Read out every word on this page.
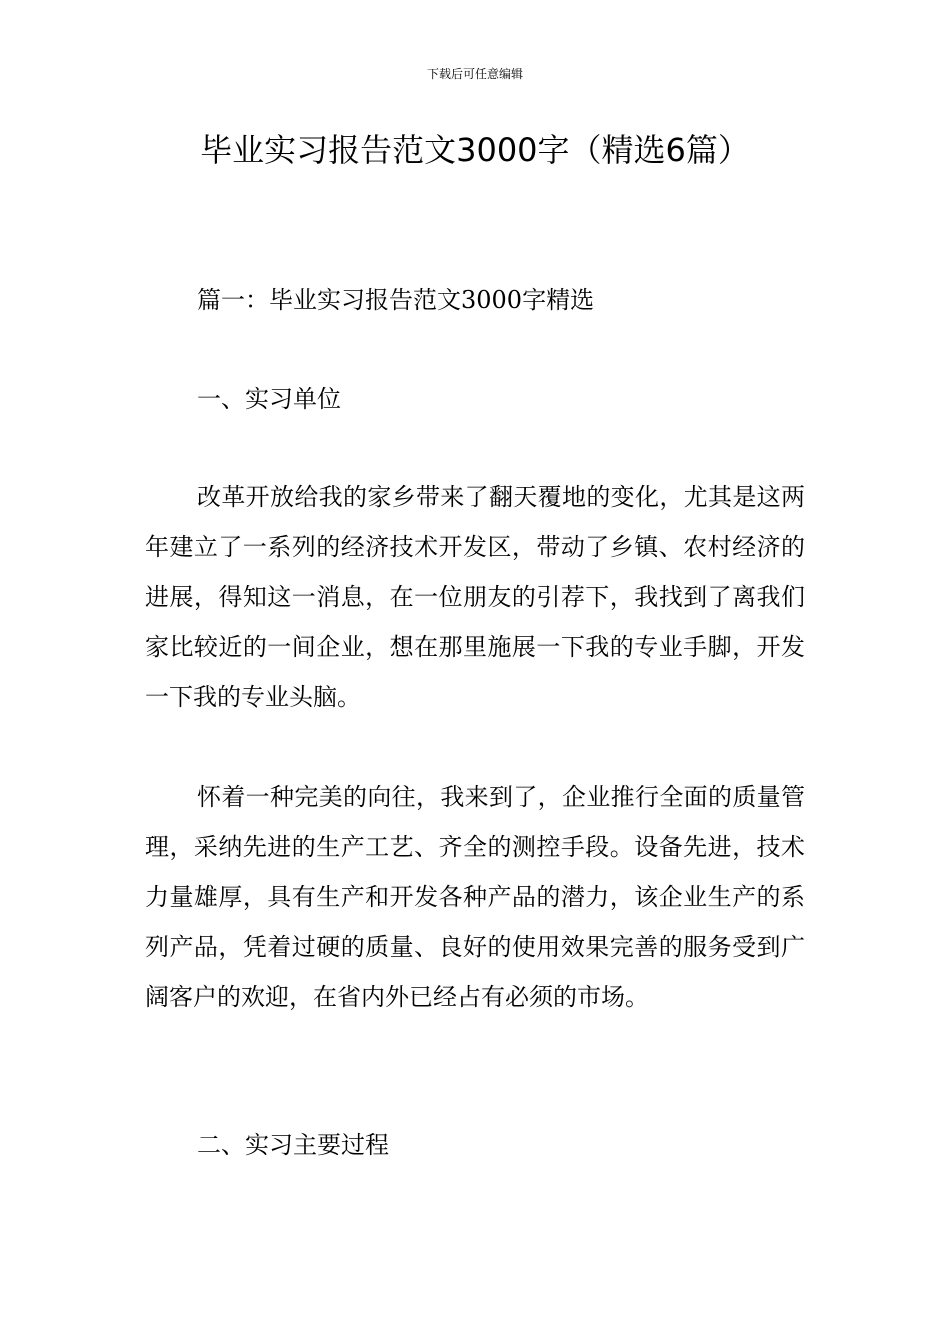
下载后可任意编辑
毕业实习报告范文3000字（精选6篇）
篇一：毕业实习报告范文3000字精选
一、实习单位

改革开放给我的家乡带来了翻天覆地的变化，尤其是这两年建立了一系列的经济技术开发区，带动了乡镇、农村经济的进展，得知这一消息，在一位朋友的引荐下，我找到了离我们家比较近的一间企业，想在那里施展一下我的专业手脚，开发一下我的专业头脑。

怀着一种完美的向往，我来到了，企业推行全面的质量管理，采纳先进的生产工艺、齐全的测控手段。设备先进，技术力量雄厚，具有生产和开发各种产品的潜力，该企业生产的系列产品，凭着过硬的质量、良好的使用效果完善的服务受到广阔客户的欢迎，在省内外已经占有必须的市场。

二、实习主要过程
